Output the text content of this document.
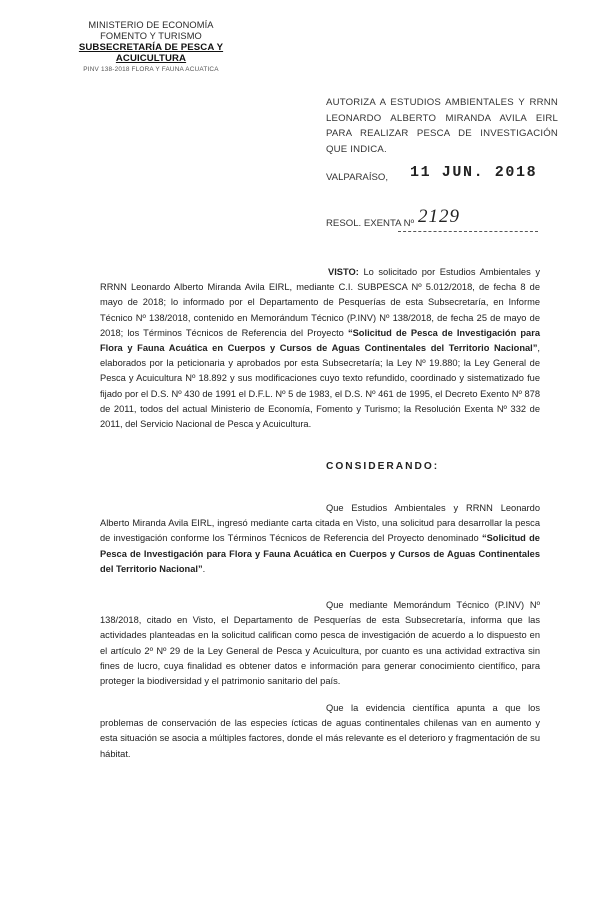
MINISTERIO DE ECONOMÍA
FOMENTO Y TURISMO
SUBSECRETARÍA DE PESCA Y ACUICULTURA
PINV 138-2018 FLORA Y FAUNA ACUATICA
AUTORIZA A ESTUDIOS AMBIENTALES Y RRNN LEONARDO ALBERTO MIRANDA AVILA EIRL PARA REALIZAR PESCA DE INVESTIGACIÓN QUE INDICA.
VALPARAÍSO, 11 JUN. 2018
RESOL. EXENTA Nº 2129
VISTO: Lo solicitado por Estudios Ambientales y RRNN Leonardo Alberto Miranda Avila EIRL, mediante C.I. SUBPESCA Nº 5.012/2018, de fecha 8 de mayo de 2018; lo informado por el Departamento de Pesquerías de esta Subsecretaría, en Informe Técnico Nº 138/2018, contenido en Memorándum Técnico (P.INV) Nº 138/2018, de fecha 25 de mayo de 2018; los Términos Técnicos de Referencia del Proyecto “Solicitud de Pesca de Investigación para Flora y Fauna Acuática en Cuerpos y Cursos de Aguas Continentales del Territorio Nacional”, elaborados por la peticionaria y aprobados por esta Subsecretaría; la Ley Nº 19.880; la Ley General de Pesca y Acuicultura Nº 18.892 y sus modificaciones cuyo texto refundido, coordinado y sistematizado fue fijado por el D.S. Nº 430 de 1991 el D.F.L. Nº 5 de 1983, el D.S. Nº 461 de 1995, el Decreto Exento Nº 878 de 2011, todos del actual Ministerio de Economía, Fomento y Turismo; la Resolución Exenta Nº 332 de 2011, del Servicio Nacional de Pesca y Acuicultura.
CONSIDERANDO:
Que Estudios Ambientales y RRNN Leonardo Alberto Miranda Avila EIRL, ingresó mediante carta citada en Visto, una solicitud para desarrollar la pesca de investigación conforme los Términos Técnicos de Referencia del Proyecto denominado “Solicitud de Pesca de Investigación para Flora y Fauna Acuática en Cuerpos y Cursos de Aguas Continentales del Territorio Nacional”.
Que mediante Memorándum Técnico (P.INV) Nº 138/2018, citado en Visto, el Departamento de Pesquerías de esta Subsecretaría, informa que las actividades planteadas en la solicitud califican como pesca de investigación de acuerdo a lo dispuesto en el artículo 2º Nº 29 de la Ley General de Pesca y Acuicultura, por cuanto es una actividad extractiva sin fines de lucro, cuya finalidad es obtener datos e información para generar conocimiento científico, para proteger la biodiversidad y el patrimonio sanitario del país.
Que la evidencia científica apunta a que los problemas de conservación de las especies ícticas de aguas continentales chilenas van en aumento y esta situación se asocia a múltiples factores, donde el más relevante es el deterioro y fragmentación de su hábitat.
